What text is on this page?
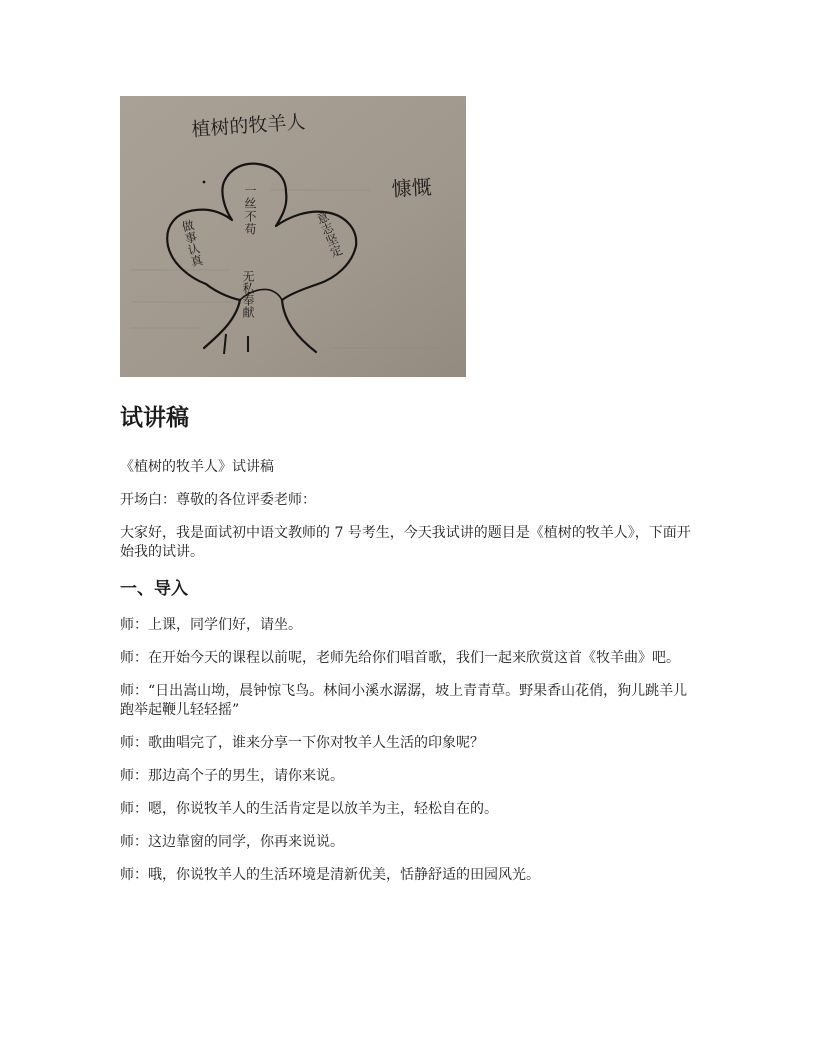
植树的牧羊人
慷慨
一丝不苟
做事认真	意志坚定
无私奉献
试讲稿

《植树的牧羊人》试讲稿

开场白：尊敬的各位评委老师：

大家好，我是面试初中语文教师的 7 号考生，今天我试讲的题目是《植树的牧羊人》，下面开始我的试讲。

一、导入

师：上课，同学们好，请坐。

师：在开始今天的课程以前呢，老师先给你们唱首歌，我们一起来欣赏这首《牧羊曲》吧。

师：“日出嵩山坳，晨钟惊飞鸟。林间小溪水潺潺，坡上青青草。野果香山花俏，狗儿跳羊儿跑举起鞭儿轻轻摇”

师：歌曲唱完了，谁来分享一下你对牧羊人生活的印象呢？

师：那边高个子的男生，请你来说。

师：嗯，你说牧羊人的生活肯定是以放羊为主，轻松自在的。

师：这边靠窗的同学，你再来说说。

师：哦，你说牧羊人的生活环境是清新优美，恬静舒适的田园风光。
